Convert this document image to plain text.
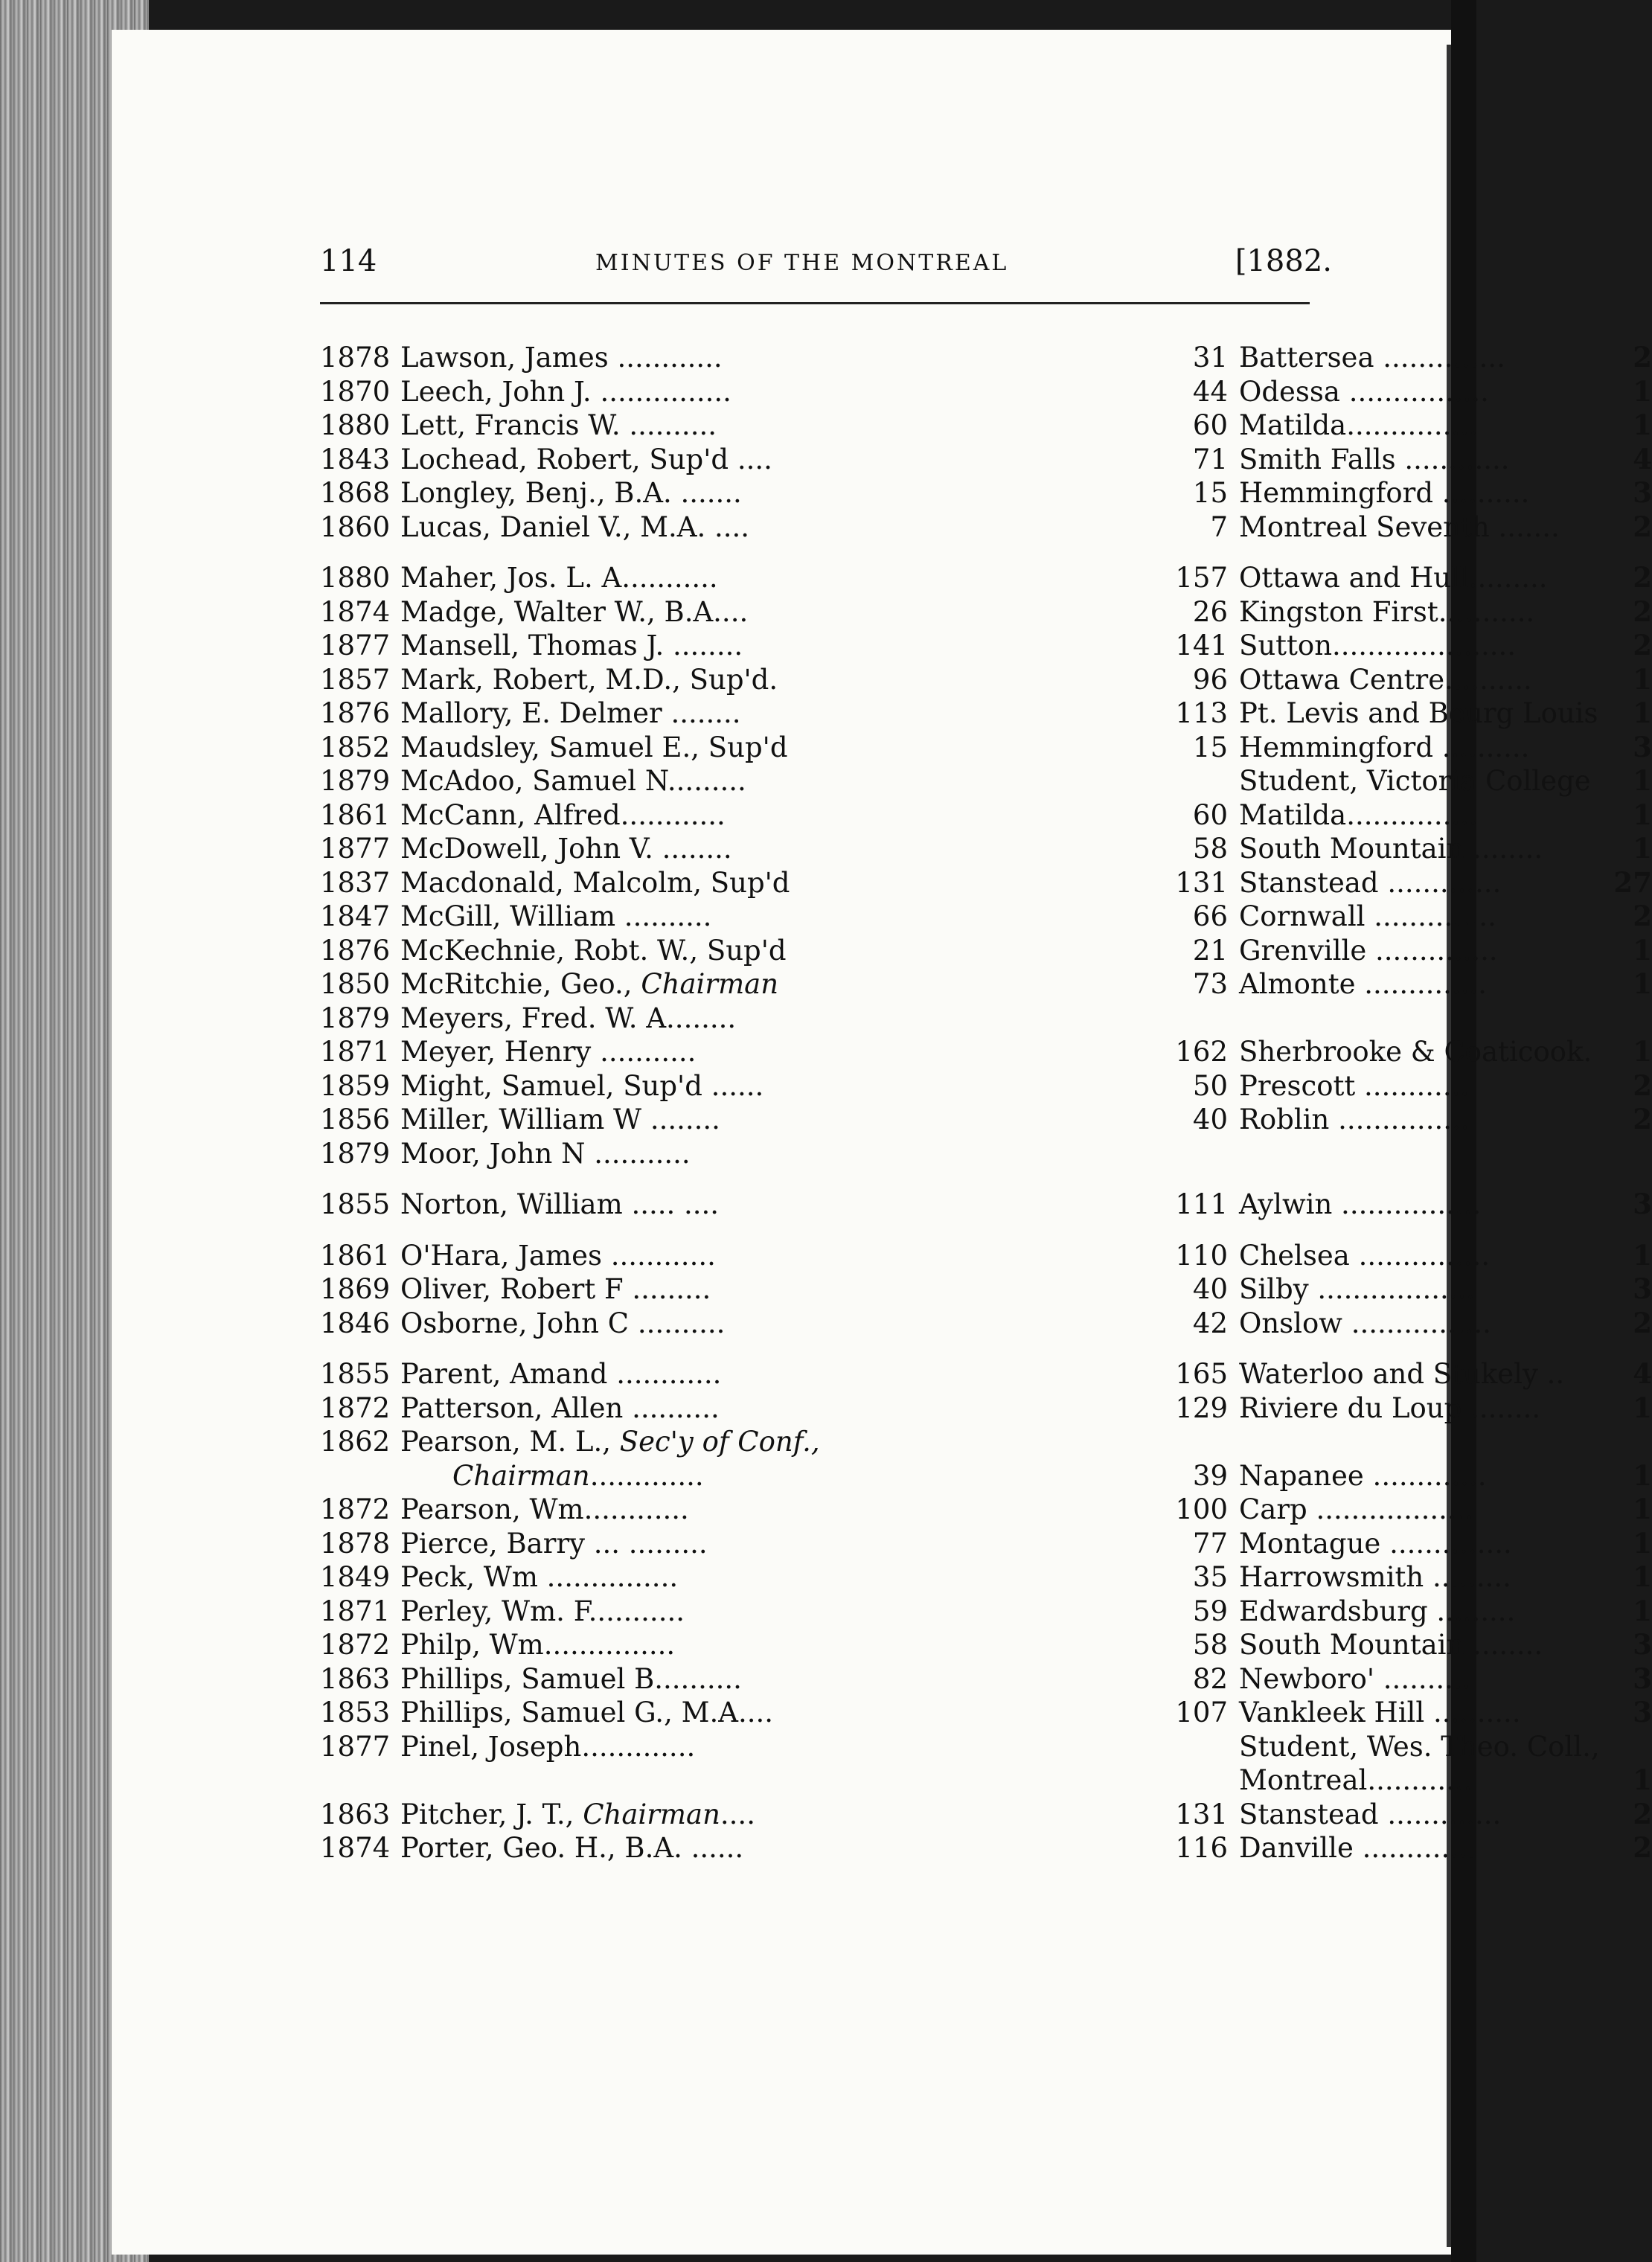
114	MINUTES OF THE MONTREAL	[1882.
1878 Lawson, James ............	31 Battersea ..............	2
1870 Leech, John J. ...............	44 Odessa ................	1
1880 Lett, Francis W. ..........	60 Matilda...............	1
1843 Lochead, Robert, Sup'd ....	71 Smith Falls ............	4
1868 Longley, Benj., B.A. .......	15 Hemmingford ..........	3
1860 Lucas, Daniel V., M.A. ....	7 Montreal Seventh .......	2
1880 Maher, Jos. L. A...........	157 Ottawa and Hull.........	2
1874 Madge, Walter W., B.A....	26 Kingston First...........	2
1877 Mansell, Thomas J. ........	141 Sutton.....................	2
1857 Mark, Robert, M.D., Sup'd.	96 Ottawa Centre..........	1
1876 Mallory, E. Delmer ........	113 Pt. Levis and Bourg Louis	1
1852 Maudsley, Samuel E., Sup'd	15 Hemmingford ..........	3
1879 McAdoo, Samuel N.........	Student, Victoria College	1
1861 McCann, Alfred............	60 Matilda...............	1
1877 McDowell, John V. ........	58 South Mountain ........	1
1837 Macdonald, Malcolm, Sup'd	131 Stanstead .............	27
1847 McGill, William ..........	66 Cornwall ..............	2
1876 McKechnie, Robt. W., Sup'd	21 Grenville ..............	1
1850 McRitchie, Geo., Chairman	73 Almonte ..............	1
1879 Meyers, Fred. W. A........
1871 Meyer, Henry ...........	162 Sherbrooke & Coaticook.	1
1859 Might, Samuel, Sup'd ......	50 Prescott ............	2
1856 Miller, William W ........	40 Roblin ...............	2
1879 Moor, John N ...........
1855 Norton, William ..... ....	111 Aylwin ................	3
1861 O'Hara, James ............	110 Chelsea ...............	1
1869 Oliver, Robert F .........	40 Silby ..................	3
1846 Osborne, John C ..........	42 Onslow ................	2
1855 Parent, Amand ............	165 Waterloo and Stukely ..	4
1872 Patterson, Allen ..........	129 Riviere du Loup ........	1
1862 Pearson, M. L., Sec'y of Conf.,
Chairman.............	39 Napanee .............	1
1872 Pearson, Wm............	100 Carp ..................	1
1878 Pierce, Barry ... .........	77 Montague ..............	1
1849 Peck, Wm ...............	35 Harrowsmith .........	1
1871 Perley, Wm. F...........	59 Edwardsburg .........	1
1872 Philp, Wm...............	58 South Mountain ........	3
1863 Phillips, Samuel B..........	82 Newboro' ..........	3
1853 Phillips, Samuel G., M.A....	107 Vankleek Hill ..........	3
1877 Pinel, Joseph.............	Student, Wes. Theo. Coll.,
Montreal............	1
1863 Pitcher, J. T., Chairman....	131 Stanstead .............	2
1874 Porter, Geo. H., B.A. ......	116 Danville .............	2
